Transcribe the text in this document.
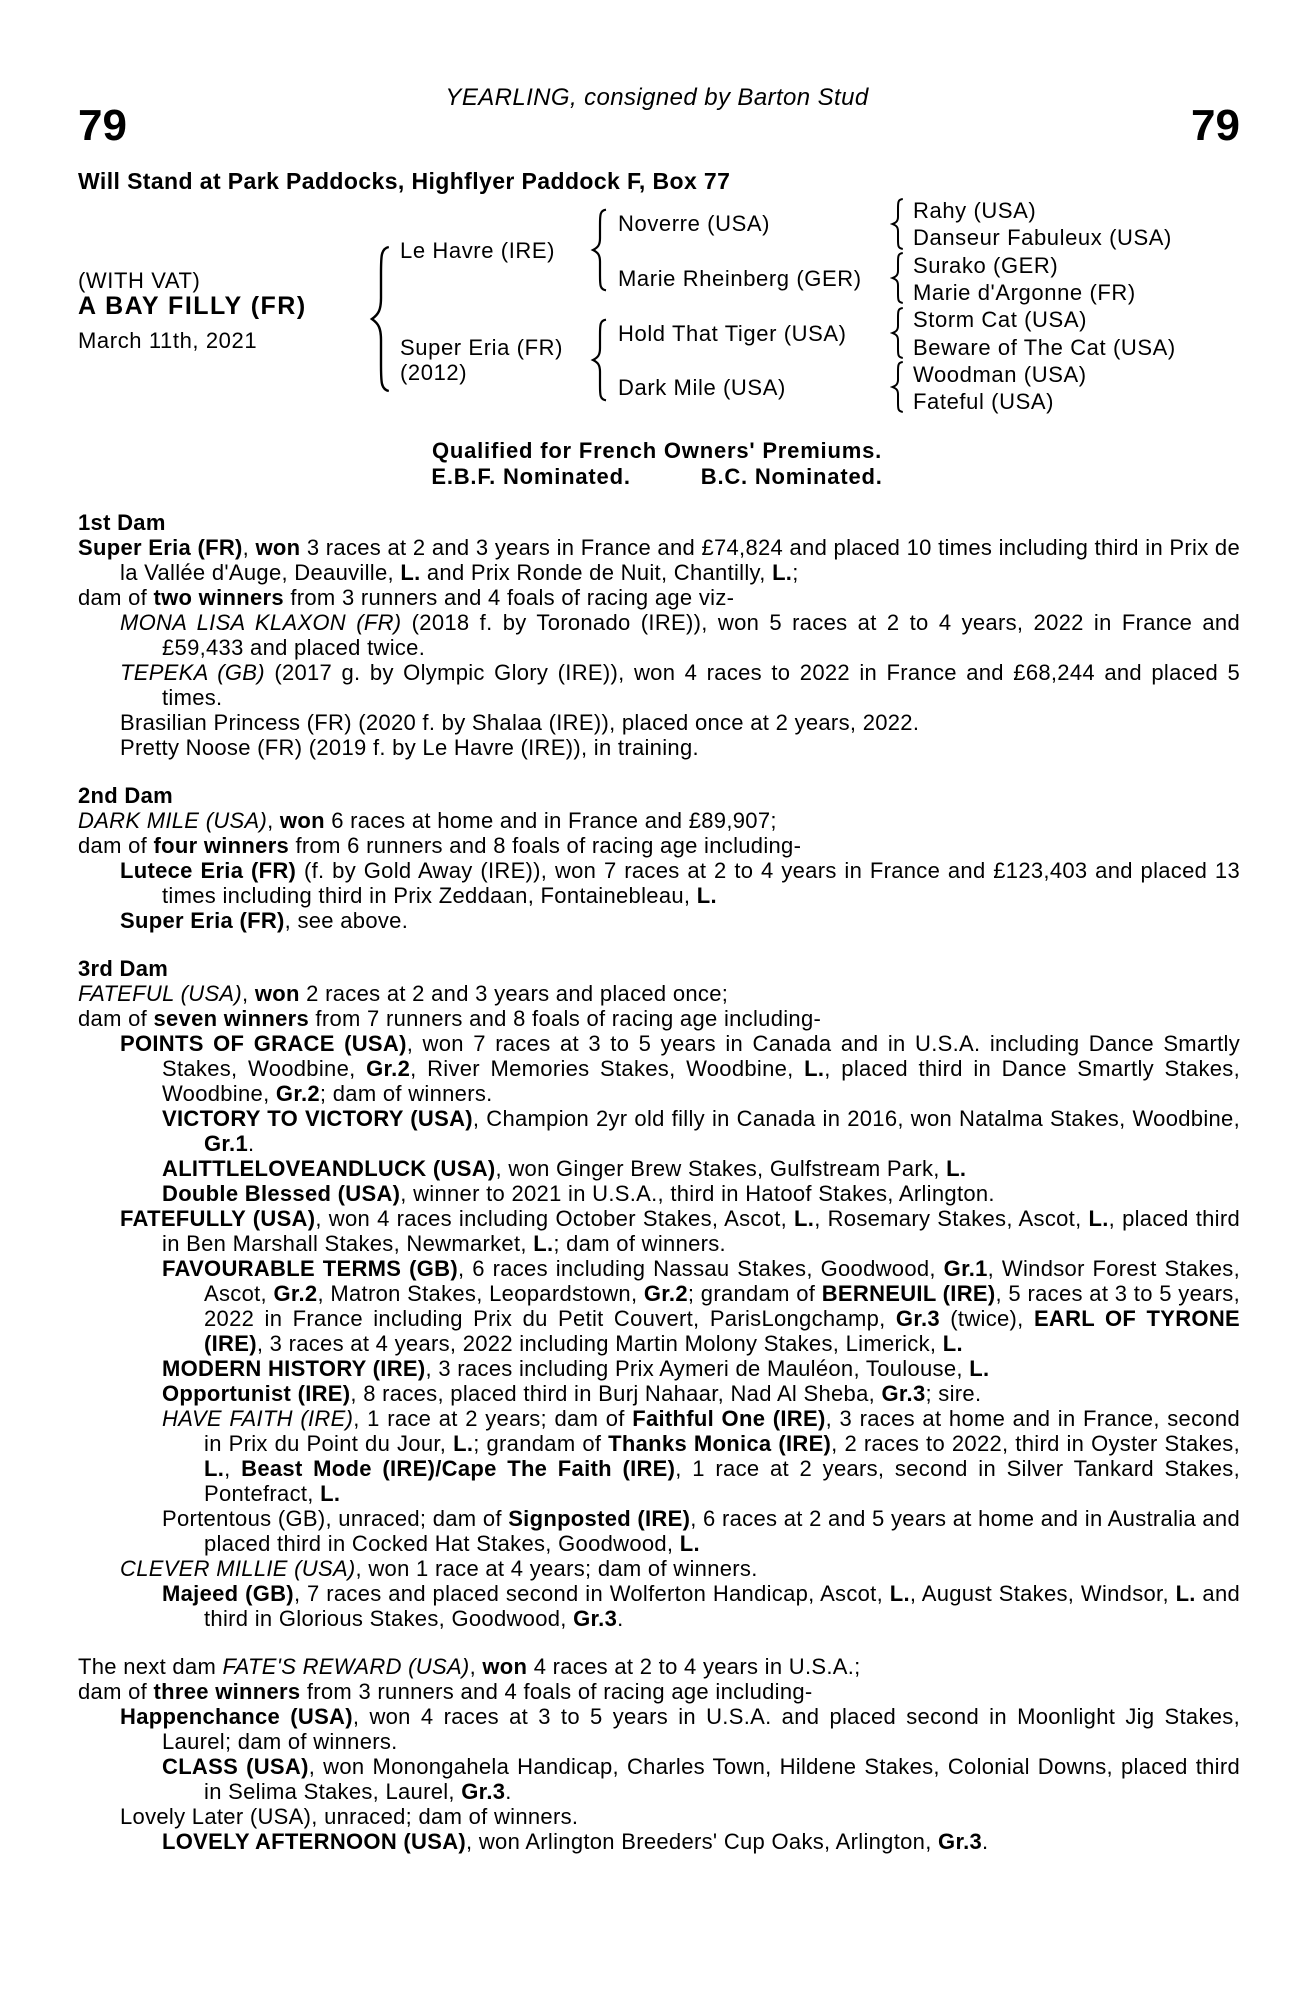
YEARLING, consigned by Barton Stud
79	79
Will Stand at Park Paddocks, Highflyer Paddock F, Box 77
(WITH VAT)
A BAY FILLY (FR)
March 11th, 2021
Le Havre (IRE)
Super Eria (FR)
(2012)
Noverre (USA)
Marie Rheinberg (GER)
Hold That Tiger (USA)
Dark Mile (USA)
Rahy (USA)
Danseur Fabuleux (USA)
Surako (GER)
Marie d'Argonne (FR)
Storm Cat (USA)
Beware of The Cat (USA)
Woodman (USA)
Fateful (USA)
Qualified for French Owners' Premiums.
E.B.F. Nominated.	B.C. Nominated.
1st Dam
Super Eria (FR), won 3 races at 2 and 3 years in France and £74,824 and placed 10 times including third in Prix de la Vallée d'Auge, Deauville, L. and Prix Ronde de Nuit, Chantilly, L.;
dam of two winners from 3 runners and 4 foals of racing age viz-
MONA LISA KLAXON (FR) (2018 f. by Toronado (IRE)), won 5 races at 2 to 4 years, 2022 in France and £59,433 and placed twice.
TEPEKA (GB) (2017 g. by Olympic Glory (IRE)), won 4 races to 2022 in France and £68,244 and placed 5 times.
Brasilian Princess (FR) (2020 f. by Shalaa (IRE)), placed once at 2 years, 2022.
Pretty Noose (FR) (2019 f. by Le Havre (IRE)), in training.
2nd Dam
DARK MILE (USA), won 6 races at home and in France and £89,907;
dam of four winners from 6 runners and 8 foals of racing age including-
Lutece Eria (FR) (f. by Gold Away (IRE)), won 7 races at 2 to 4 years in France and £123,403 and placed 13 times including third in Prix Zeddaan, Fontainebleau, L.
Super Eria (FR), see above.
3rd Dam
FATEFUL (USA), won 2 races at 2 and 3 years and placed once;
dam of seven winners from 7 runners and 8 foals of racing age including-
POINTS OF GRACE (USA), won 7 races at 3 to 5 years in Canada and in U.S.A. including Dance Smartly Stakes, Woodbine, Gr.2, River Memories Stakes, Woodbine, L., placed third in Dance Smartly Stakes, Woodbine, Gr.2; dam of winners.
VICTORY TO VICTORY (USA), Champion 2yr old filly in Canada in 2016, won Natalma Stakes, Woodbine, Gr.1.
ALITTLELOVEANDLUCK (USA), won Ginger Brew Stakes, Gulfstream Park, L.
Double Blessed (USA), winner to 2021 in U.S.A., third in Hatoof Stakes, Arlington.
FATEFULLY (USA), won 4 races including October Stakes, Ascot, L., Rosemary Stakes, Ascot, L., placed third in Ben Marshall Stakes, Newmarket, L.; dam of winners.
FAVOURABLE TERMS (GB), 6 races including Nassau Stakes, Goodwood, Gr.1, Windsor Forest Stakes, Ascot, Gr.2, Matron Stakes, Leopardstown, Gr.2; grandam of BERNEUIL (IRE), 5 races at 3 to 5 years, 2022 in France including Prix du Petit Couvert, ParisLongchamp, Gr.3 (twice), EARL OF TYRONE (IRE), 3 races at 4 years, 2022 including Martin Molony Stakes, Limerick, L.
MODERN HISTORY (IRE), 3 races including Prix Aymeri de Mauléon, Toulouse, L.
Opportunist (IRE), 8 races, placed third in Burj Nahaar, Nad Al Sheba, Gr.3; sire.
HAVE FAITH (IRE), 1 race at 2 years; dam of Faithful One (IRE), 3 races at home and in France, second in Prix du Point du Jour, L.; grandam of Thanks Monica (IRE), 2 races to 2022, third in Oyster Stakes, L., Beast Mode (IRE)/Cape The Faith (IRE), 1 race at 2 years, second in Silver Tankard Stakes, Pontefract, L.
Portentous (GB), unraced; dam of Signposted (IRE), 6 races at 2 and 5 years at home and in Australia and placed third in Cocked Hat Stakes, Goodwood, L.
CLEVER MILLIE (USA), won 1 race at 4 years; dam of winners.
Majeed (GB), 7 races and placed second in Wolferton Handicap, Ascot, L., August Stakes, Windsor, L. and third in Glorious Stakes, Goodwood, Gr.3.
The next dam FATE'S REWARD (USA), won 4 races at 2 to 4 years in U.S.A.;
dam of three winners from 3 runners and 4 foals of racing age including-
Happenchance (USA), won 4 races at 3 to 5 years in U.S.A. and placed second in Moonlight Jig Stakes, Laurel; dam of winners.
CLASS (USA), won Monongahela Handicap, Charles Town, Hildene Stakes, Colonial Downs, placed third in Selima Stakes, Laurel, Gr.3.
Lovely Later (USA), unraced; dam of winners.
LOVELY AFTERNOON (USA), won Arlington Breeders' Cup Oaks, Arlington, Gr.3.
